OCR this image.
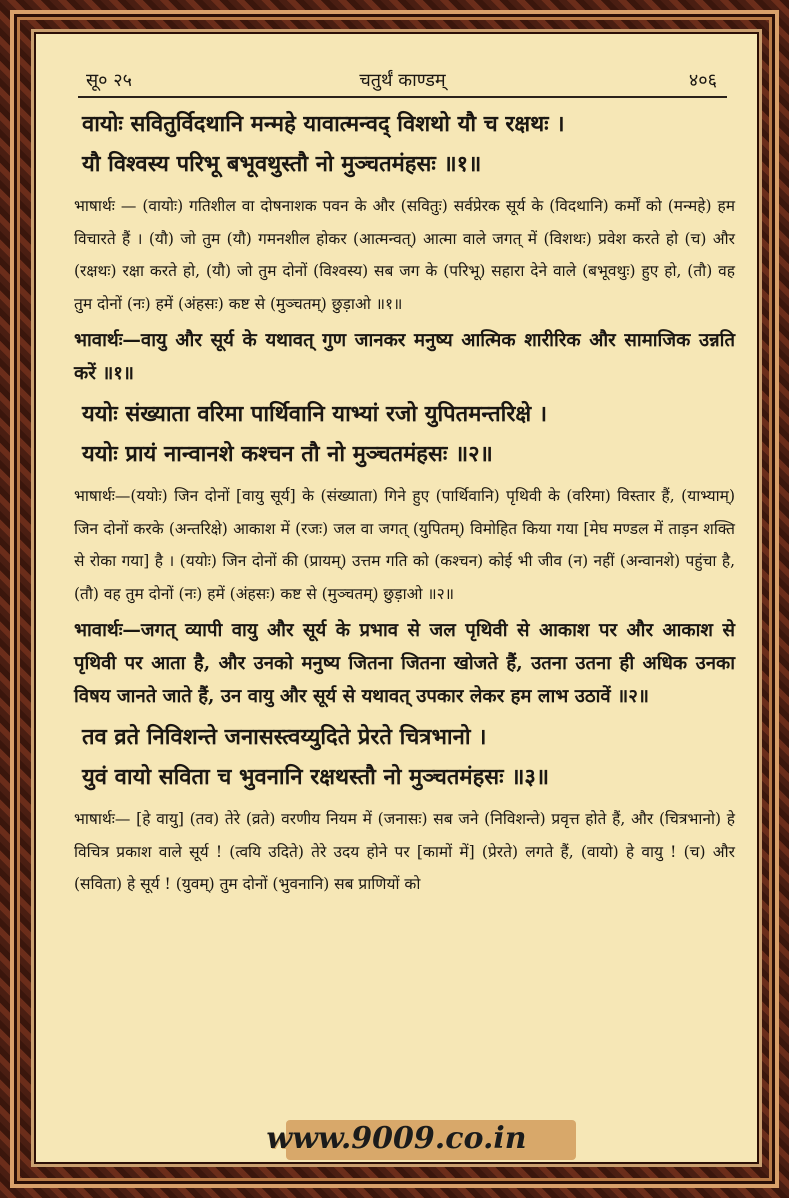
सू० २५	चतुर्थं काण्डम्	४०६
वायोः सवितुर्विदथानि मन्महे यावात्मन्वद् विशथो यौ च रक्षथः ।
यौ विश्वस्य परिभू बभूवथुस्तौ नो मुञ्चतमंहसः ॥१॥
भाषार्थः — (वायोः) गतिशील वा दोषनाशक पवन के और (सवितुः) सर्वप्रेरक सूर्य के (विदथानि) कर्मों को (मन्महे) हम विचारते हैं । (यौ) जो तुम (यौ) गमनशील होकर (आत्मन्वत्) आत्मा वाले जगत् में (विशथः) प्रवेश करते हो (च) और (रक्षथः) रक्षा करते हो, (यौ) जो तुम दोनों (विश्वस्य) सब जग के (परिभू) सहारा देने वाले (बभूवथुः) हुए हो, (तौ) वह तुम दोनों (नः) हमें (अंहसः) कष्ट से (मुञ्चतम्) छुड़ाओ ॥१॥
भावार्थः—वायु और सूर्य के यथावत् गुण जानकर मनुष्य आत्मिक शारीरिक और सामाजिक उन्नति करें ॥१॥
ययोः संख्याता वरिमा पार्थिवानि याभ्यां रजो युपितमन्तरिक्षे ।
ययोः प्रायं नान्वानशे कश्चन तौ नो मुञ्चतमंहसः ॥२॥
भाषार्थः—(ययोः) जिन दोनों [वायु सूर्य] के (संख्याता) गिने हुए (पार्थिवानि) पृथिवी के (वरिमा) विस्तार हैं, (याभ्याम्) जिन दोनों करके (अन्तरिक्षे) आकाश में (रजः) जल वा जगत् (युपितम्) विमोहित किया गया [मेघ मण्डल में ताड़न शक्ति से रोका गया] है । (ययोः) जिन दोनों की (प्रायम्) उत्तम गति को (कश्चन) कोई भी जीव (न) नहीं (अन्वानशे) पहुंचा है, (तौ) वह तुम दोनों (नः) हमें (अंहसः) कष्ट से (मुञ्चतम्) छुड़ाओ ॥२॥
भावार्थः—जगत् व्यापी वायु और सूर्य के प्रभाव से जल पृथिवी से आकाश पर और आकाश से पृथिवी पर आता है, और उनको मनुष्य जितना जितना खोजते हैं, उतना उतना ही अधिक उनका विषय जानते जाते हैं, उन वायु और सूर्य से यथावत् उपकार लेकर हम लाभ उठावें ॥२॥
तव व्रते निविशन्ते जनासस्त्वय्युदिते प्रेरते चित्रभानो ।
युवं वायो सविता च भुवनानि रक्षथस्तौ नो मुञ्चतमंहसः ॥३॥
भाषार्थः— [हे वायु] (तव) तेरे (व्रते) वरणीय नियम में (जनासः) सब जने (निविशन्ते) प्रवृत्त होते हैं, और (चित्रभानो) हे विचित्र प्रकाश वाले सूर्य ! (त्वयि उदिते) तेरे उदय होने पर [कामों में] (प्रेरते) लगते हैं, (वायो) हे वायु ! (च) और (सविता) हे सूर्य ! (युवम्) तुम दोनों (भुवनानि) सब प्राणियों को
www.9009.co.in
